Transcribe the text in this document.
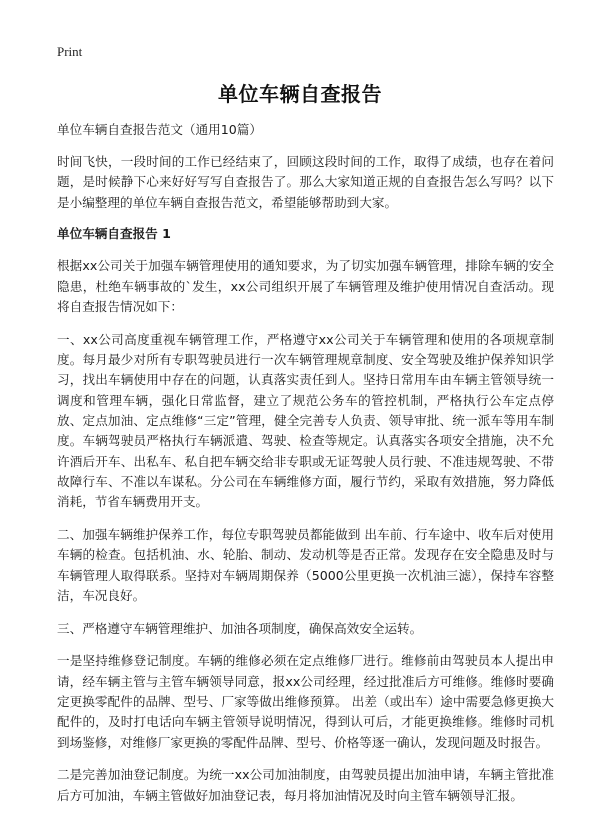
Print
单位车辆自查报告

单位车辆自查报告范文（通用10篇）

时间飞快，一段时间的工作已经结束了，回顾这段时间的工作，取得了成绩，也存在着问题，是时候静下心来好好写写自查报告了。那么大家知道正规的自查报告怎么写吗？以下是小编整理的单位车辆自查报告范文，希望能够帮助到大家。

单位车辆自查报告 1

根据xx公司关于加强车辆管理使用的通知要求，为了切实加强车辆管理，排除车辆的安全隐患，杜绝车辆事故的`发生，xx公司组织开展了车辆管理及维护使用情况自查活动。现将自查报告情况如下：

一、xx公司高度重视车辆管理工作，严格遵守xx公司关于车辆管理和使用的各项规章制度。每月最少对所有专职驾驶员进行一次车辆管理规章制度、安全驾驶及维护保养知识学习，找出车辆使用中存在的问题，认真落实责任到人。坚持日常用车由车辆主管领导统一调度和管理车辆，强化日常监督，建立了规范公务车的管控机制，严格执行公车定点停放、定点加油、定点维修“三定”管理，健全完善专人负责、领导审批、统一派车等用车制度。车辆驾驶员严格执行车辆派遣、驾驶、检查等规定。认真落实各项安全措施，决不允许酒后开车、出私车、私自把车辆交给非专职或无证驾驶人员行驶、不准违规驾驶、不带故障行车、不准以车谋私。分公司在车辆维修方面，履行节约，采取有效措施，努力降低消耗，节省车辆费用开支。

二、加强车辆维护保养工作，每位专职驾驶员都能做到 出车前、行车途中、收车后对使用车辆的检查。包括机油、水、轮胎、制动、发动机等是否正常。发现存在安全隐患及时与车辆管理人取得联系。坚持对车辆周期保养（5000公里更换一次机油三滤），保持车容整洁，车况良好。

三、严格遵守车辆管理维护、加油各项制度，确保高效安全运转。

一是坚持维修登记制度。车辆的维修必须在定点维修厂进行。维修前由驾驶员本人提出申请，经车辆主管与主管车辆领导同意，报xx公司经理，经过批准后方可维修。维修时要确定更换零配件的品牌、型号、厂家等做出维修预算。 出差（或出车）途中需要急修更换大配件的，及时打电话向车辆主管领导说明情况，得到认可后，才能更换维修。维修时司机到场鉴修，对维修厂家更换的零配件品牌、型号、价格等逐一确认，发现问题及时报告。

二是完善加油登记制度。为统一xx公司加油制度，由驾驶员提出加油申请，车辆主管批准后方可加油，车辆主管做好加油登记表，每月将加油情况及时向主管车辆领导汇报。
